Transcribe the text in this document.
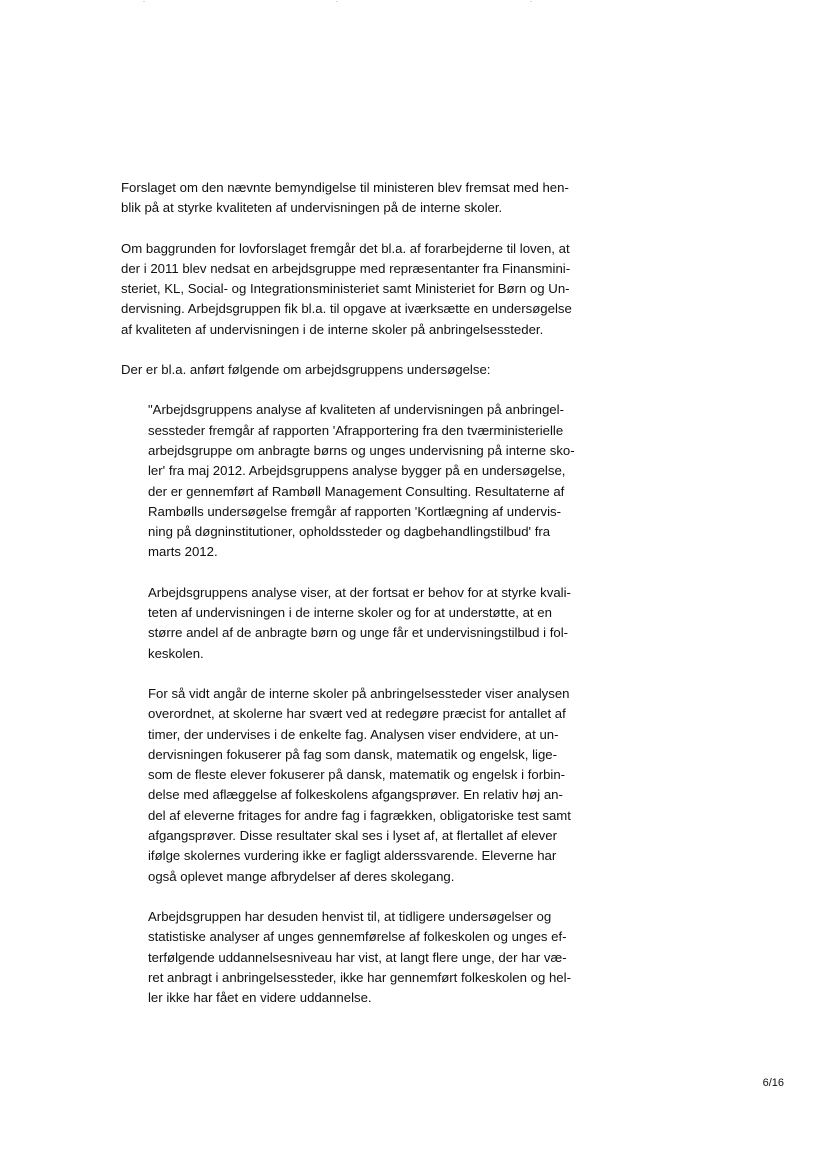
Forslaget om den nævnte bemyndigelse til ministeren blev fremsat med hen-
blik på at styrke kvaliteten af undervisningen på de interne skoler.

Om baggrunden for lovforslaget fremgår det bl.a. af forarbejderne til loven, at
der i 2011 blev nedsat en arbejdsgruppe med repræsentanter fra Finansmini-
steriet, KL, Social- og Integrationsministeriet samt Ministeriet for Børn og Un-
dervisning. Arbejdsgruppen fik bl.a. til opgave at iværksætte en undersøgelse
af kvaliteten af undervisningen i de interne skoler på anbringelsessteder.

Der er bl.a. anført følgende om arbejdsgruppens undersøgelse:

"Arbejdsgruppens analyse af kvaliteten af undervisningen på anbringel-
sessteder fremgår af rapporten 'Afrapportering fra den tværministerielle
arbejdsgruppe om anbragte børns og unges undervisning på interne sko-
ler' fra maj 2012. Arbejdsgruppens analyse bygger på en undersøgelse,
der er gennemført af Rambøll Management Consulting. Resultaterne af
Rambølls undersøgelse fremgår af rapporten 'Kortlægning af undervis-
ning på døgninstitutioner, opholdssteder og dagbehandlingstilbud' fra
marts 2012.

Arbejdsgruppens analyse viser, at der fortsat er behov for at styrke kvali-
teten af undervisningen i de interne skoler og for at understøtte, at en
større andel af de anbragte børn og unge får et undervisningstilbud i fol-
keskolen.

For så vidt angår de interne skoler på anbringelsessteder viser analysen
overordnet, at skolerne har svært ved at redegøre præcist for antallet af
timer, der undervises i de enkelte fag. Analysen viser endvidere, at un-
dervisningen fokuserer på fag som dansk, matematik og engelsk, lige-
som de fleste elever fokuserer på dansk, matematik og engelsk i forbin-
delse med aflæggelse af folkeskolens afgangsprøver. En relativ høj an-
del af eleverne fritages for andre fag i fagrækken, obligatoriske test samt
afgangsprøver. Disse resultater skal ses i lyset af, at flertallet af elever
ifølge skolernes vurdering ikke er fagligt alderssvarende. Eleverne har
også oplevet mange afbrydelser af deres skolegang.

Arbejdsgruppen har desuden henvist til, at tidligere undersøgelser og
statistiske analyser af unges gennemførelse af folkeskolen og unges ef-
terfølgende uddannelsesniveau har vist, at langt flere unge, der har væ-
ret anbragt i anbringelsessteder, ikke har gennemført folkeskolen og hel-
ler ikke har fået en videre uddannelse.

6/16
